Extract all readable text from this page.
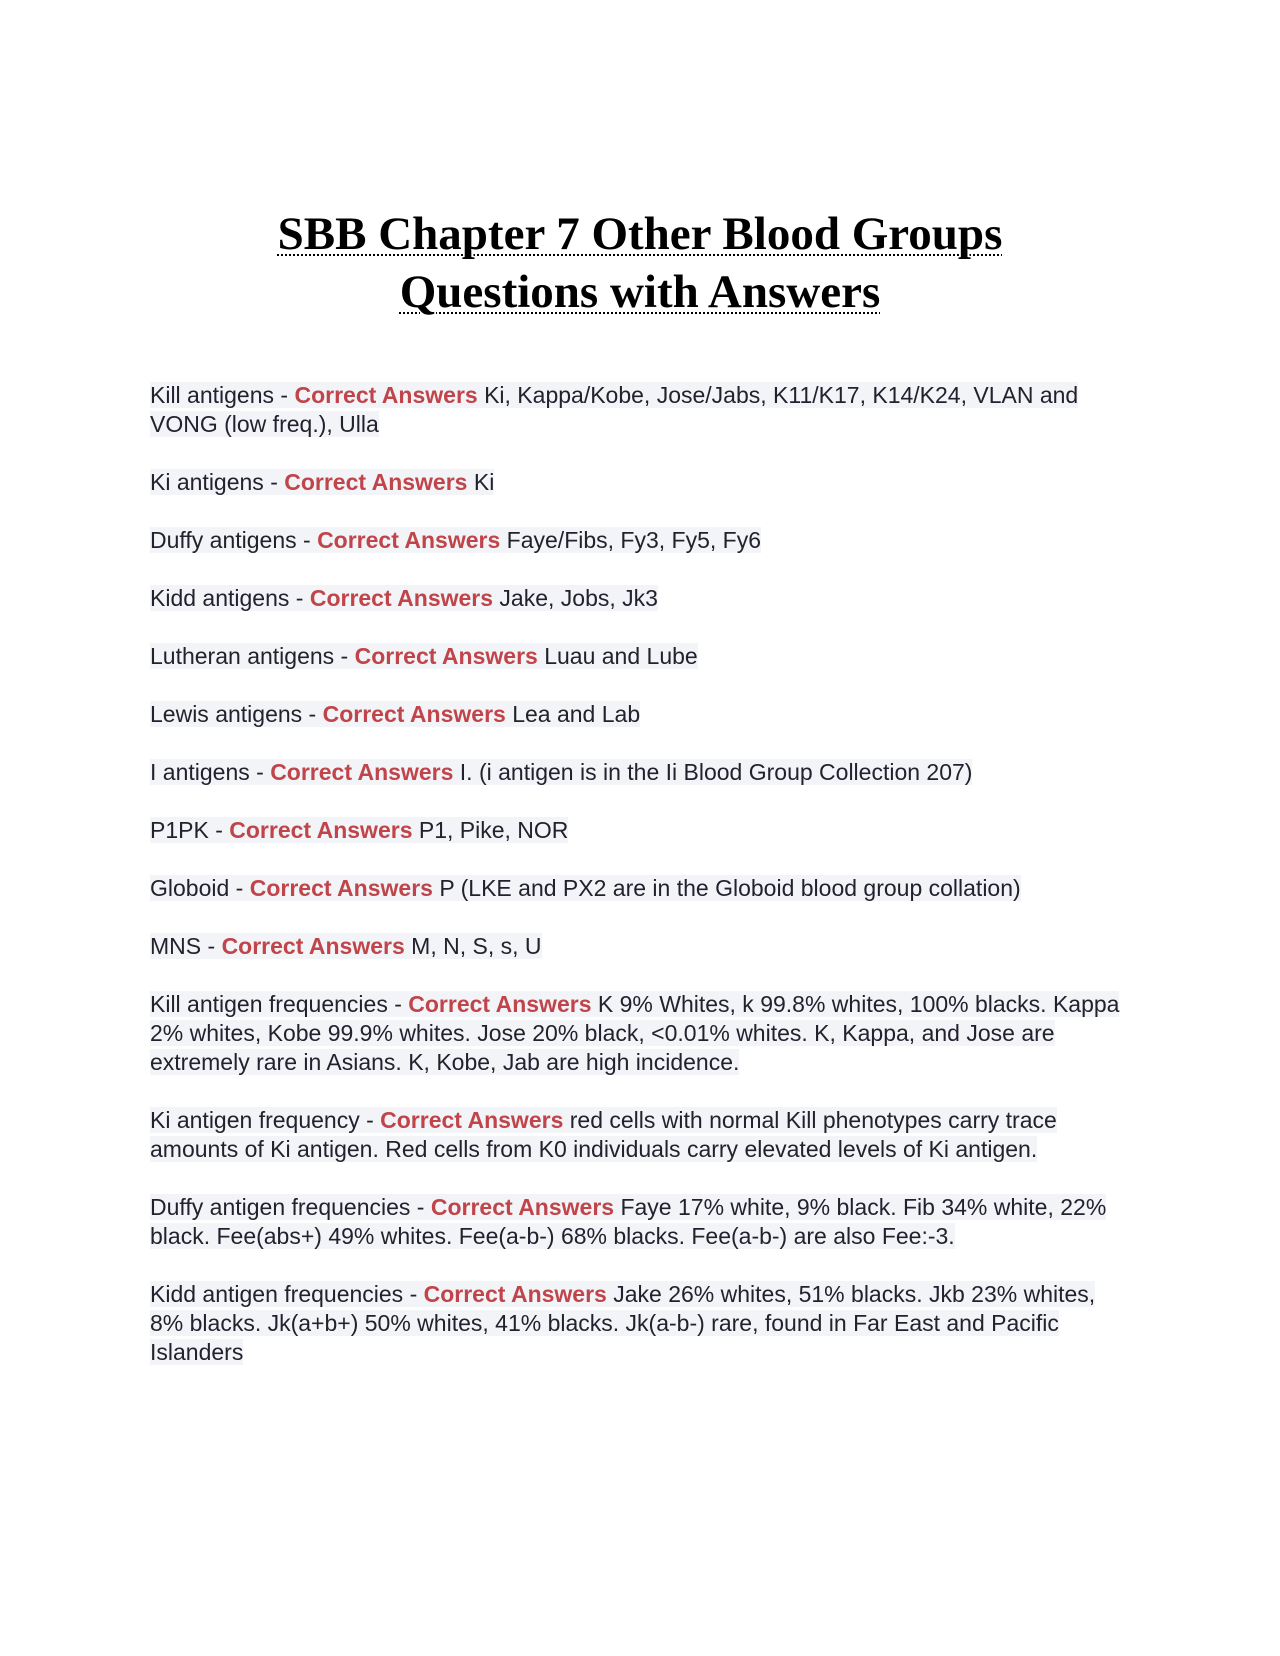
SBB Chapter 7 Other Blood Groups
Questions with Answers

Kill antigens - Correct Answers Ki, Kappa/Kobe, Jose/Jabs, K11/K17, K14/K24, VLAN and VONG (low freq.), Ulla

Ki antigens - Correct Answers Ki

Duffy antigens - Correct Answers Faye/Fibs, Fy3, Fy5, Fy6

Kidd antigens - Correct Answers Jake, Jobs, Jk3

Lutheran antigens - Correct Answers Luau and Lube

Lewis antigens - Correct Answers Lea and Lab

I antigens - Correct Answers I. (i antigen is in the Ii Blood Group Collection 207)

P1PK - Correct Answers P1, Pike, NOR

Globoid - Correct Answers P (LKE and PX2 are in the Globoid blood group collation)

MNS - Correct Answers M, N, S, s, U

Kill antigen frequencies - Correct Answers K 9% Whites, k 99.8% whites, 100% blacks. Kappa 2% whites, Kobe 99.9% whites. Jose 20% black, <0.01% whites. K, Kappa, and Jose are extremely rare in Asians. K, Kobe, Jab are high incidence.

Ki antigen frequency - Correct Answers red cells with normal Kill phenotypes carry trace amounts of Ki antigen. Red cells from K0 individuals carry elevated levels of Ki antigen.

Duffy antigen frequencies - Correct Answers Faye 17% white, 9% black. Fib 34% white, 22% black. Fee(abs+) 49% whites. Fee(a-b-) 68% blacks. Fee(a-b-) are also Fee:-3.

Kidd antigen frequencies - Correct Answers Jake 26% whites, 51% blacks. Jkb 23% whites, 8% blacks. Jk(a+b+) 50% whites, 41% blacks. Jk(a-b-) rare, found in Far East and Pacific Islanders
